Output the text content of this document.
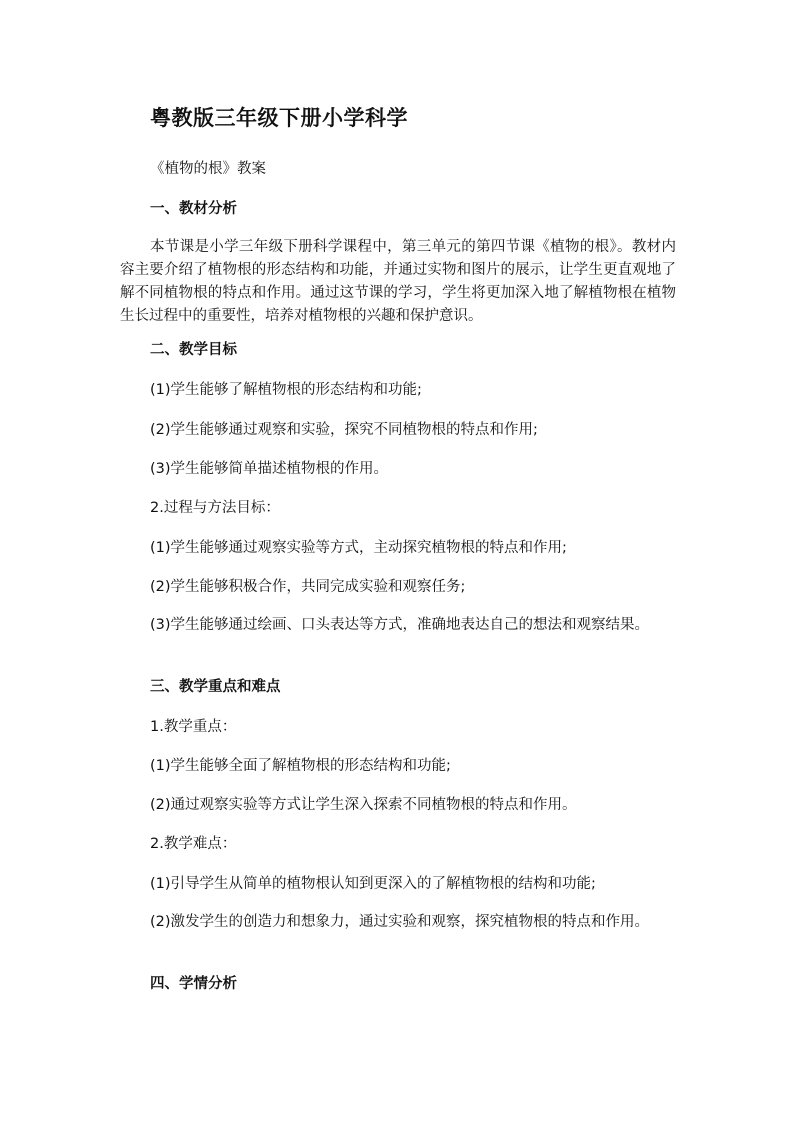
粤教版三年级下册小学科学
《植物的根》教案
一、教材分析
本节课是小学三年级下册科学课程中，第三单元的第四节课《植物的根》。教材内容主要介绍了植物根的形态结构和功能，并通过实物和图片的展示，让学生更直观地了解不同植物根的特点和作用。通过这节课的学习，学生将更加深入地了解植物根在植物生长过程中的重要性，培养对植物根的兴趣和保护意识。
二、教学目标
(1)学生能够了解植物根的形态结构和功能;
(2)学生能够通过观察和实验，探究不同植物根的特点和作用;
(3)学生能够简单描述植物根的作用。
2.过程与方法目标：
(1)学生能够通过观察实验等方式，主动探究植物根的特点和作用;
(2)学生能够积极合作，共同完成实验和观察任务;
(3)学生能够通过绘画、口头表达等方式，准确地表达自己的想法和观察结果。
三、教学重点和难点
1.教学重点：
(1)学生能够全面了解植物根的形态结构和功能;
(2)通过观察实验等方式让学生深入探索不同植物根的特点和作用。
2.教学难点：
(1)引导学生从简单的植物根认知到更深入的了解植物根的结构和功能;
(2)激发学生的创造力和想象力，通过实验和观察，探究植物根的特点和作用。
四、学情分析
